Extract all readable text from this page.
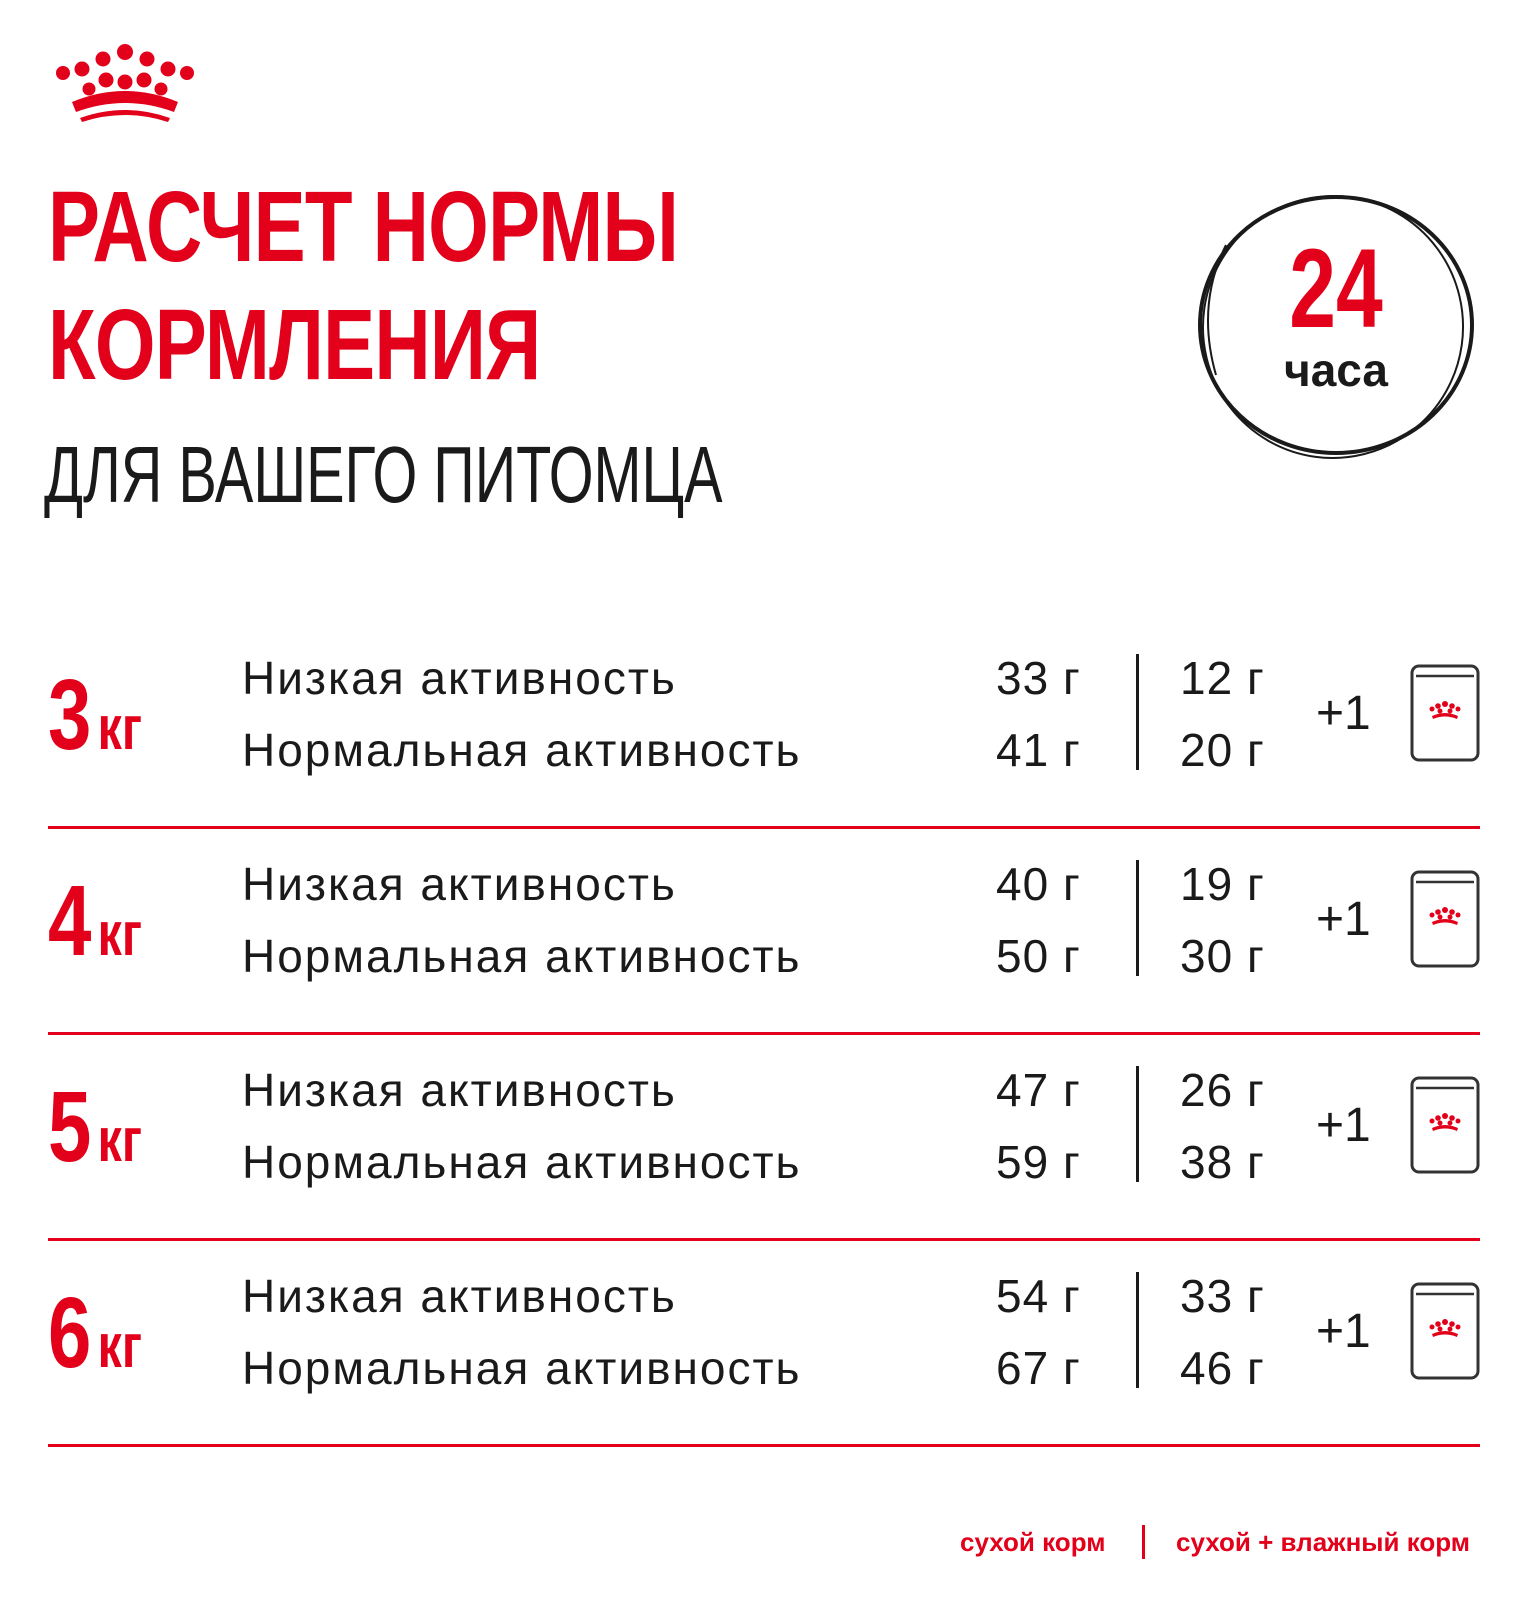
РАСЧЕТ НОРМЫ
КОРМЛЕНИЯ
ДЛЯ ВАШЕГО ПИТОМЦА
24
часа
3 кг
Низкая активность
Нормальная активность
33 г
41 г
12 г
20 г
+1
4 кг
Низкая активность
Нормальная активность
40 г
50 г
19 г
30 г
+1
5 кг
Низкая активность
Нормальная активность
47 г
59 г
26 г
38 г
+1
6 кг
Низкая активность
Нормальная активность
54 г
67 г
33 г
46 г
+1
сухой корм	сухой + влажный корм
